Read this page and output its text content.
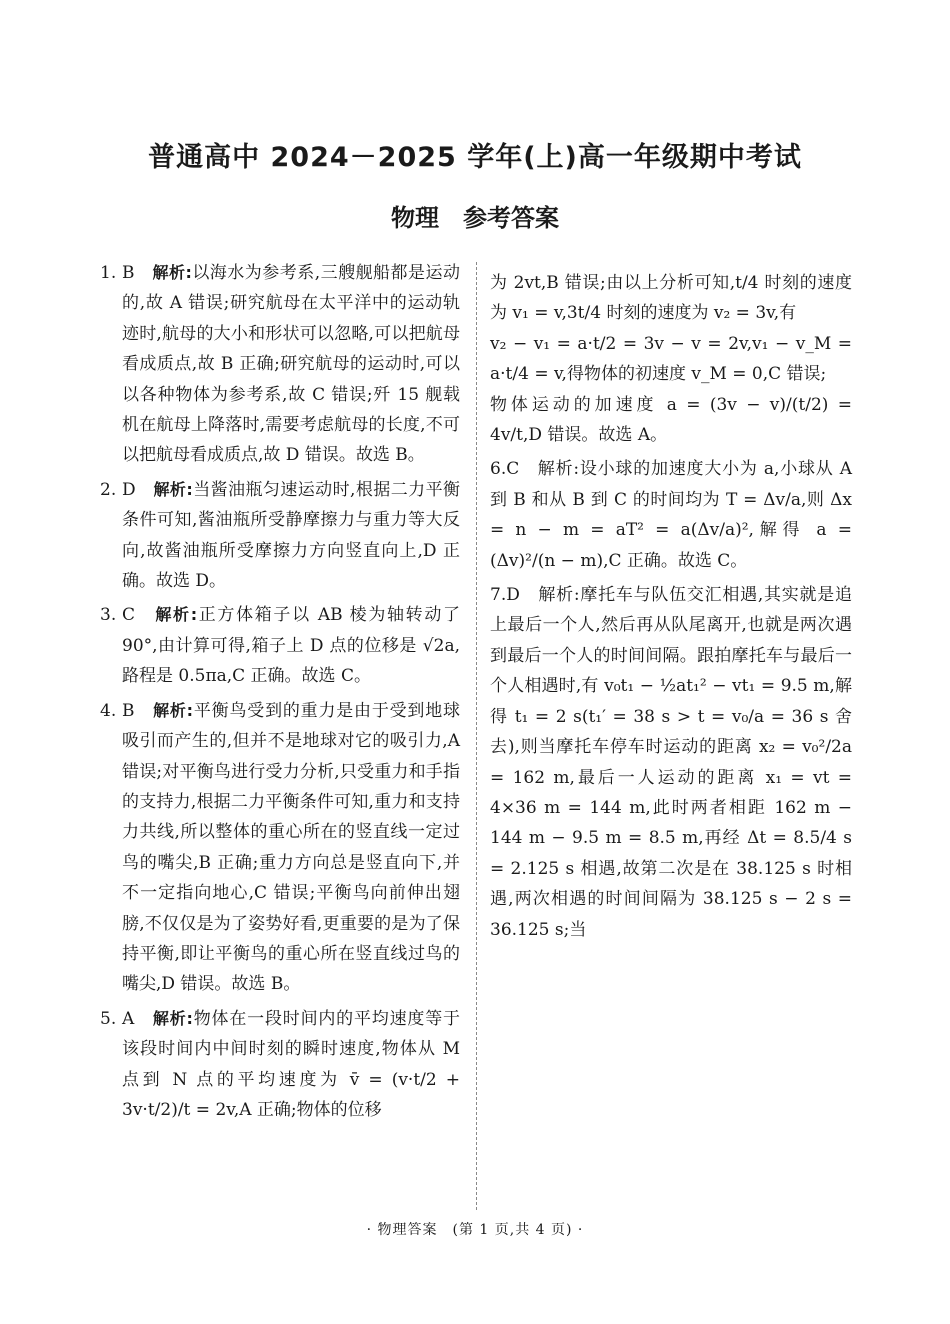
普通高中 2024－2025 学年(上)高一年级期中考试
物理　参考答案
1. B　 解析:以海水为参考系,三艘舰船都是运动的,故 A 错误;研究航母在太平洋中的运动轨迹时,航母的大小和形状可以忽略,可以把航母看成质点,故 B 正确;研究航母的运动时,可以以各种物体为参考系,故 C 错误;歼 15 舰载机在航母上降落时,需要考虑航母的长度,不可以把航母看成质点,故 D 错误。故选 B。
2. D　 解析:当酱油瓶匀速运动时,根据二力平衡条件可知,酱油瓶所受静摩擦力与重力等大反向,故酱油瓶所受摩擦力方向竖直向上,D 正确。故选 D。
3. C　 解析:正方体箱子以 AB 棱为轴转动了 90°,由计算可得,箱子上 D 点的位移是 √2a,路程是 0.5πa,C 正确。故选 C。
4. B　 解析:平衡鸟受到的重力是由于受到地球吸引而产生的,但并不是地球对它的吸引力,A 错误;对平衡鸟进行受力分析,只受重力和手指的支持力,根据二力平衡条件可知,重力和支持力共线,所以整体的重心所在的竖直线一定过鸟的嘴尖,B 正确;重力方向总是竖直向下,并不一定指向地心,C 错误;平衡鸟向前伸出翅膀,不仅仅是为了姿势好看,更重要的是为了保持平衡,即让平衡鸟的重心所在竖直线过鸟的嘴尖,D 错误。故选 B。
5. A　 解析:物体在一段时间内的平均速度等于该段时间内中间时刻的瞬时速度,物体从 M 点到 N 点的平均速度为 v̄ = (v·t/2 + 3v·t/2)/t = 2v,A 正确;物体的位移

为 2vt,B 错误;由以上分析可知,t/4 时刻的速度为 v₁ = v,3t/4 时刻的速度为 v₂ = 3v,有

v₂ − v₁ = a·t/2 = 3v − v = 2v,v₁ − v_M = a·t/4 = v,得物体的初速度 v_M = 0,C 错误;

物体运动的加速度 a = (3v − v)/(t/2) = 4v/t,D 错误。故选 A。

6.C　解析:设小球的加速度大小为 a,小球从 A 到 B 和从 B 到 C 的时间均为 T = Δv/a,则 Δx = n − m = aT² = a(Δv/a)²,解得 a = (Δv)²/(n − m),C 正确。故选 C。

7.D　解析:摩托车与队伍交汇相遇,其实就是追上最后一个人,然后再从队尾离开,也就是两次遇到最后一个人的时间间隔。跟拍摩托车与最后一个人相遇时,有 v₀t₁ − ½at₁² − vt₁ = 9.5 m,解得 t₁ = 2 s(t₁′ = 38 s > t = v₀/a = 36 s 舍去),则当摩托车停车时运动的距离 x₂ = v₀²/2a = 162 m,最后一人运动的距离 x₁ = vt = 4×36 m = 144 m,此时两者相距 162 m − 144 m − 9.5 m = 8.5 m,再经 Δt = 8.5/4 s = 2.125 s 相遇,故第二次是在 38.125 s 时相遇,两次相遇的时间间隔为 38.125 s − 2 s = 36.125 s;当

· 物理答案　(第 1 页,共 4 页) ·
